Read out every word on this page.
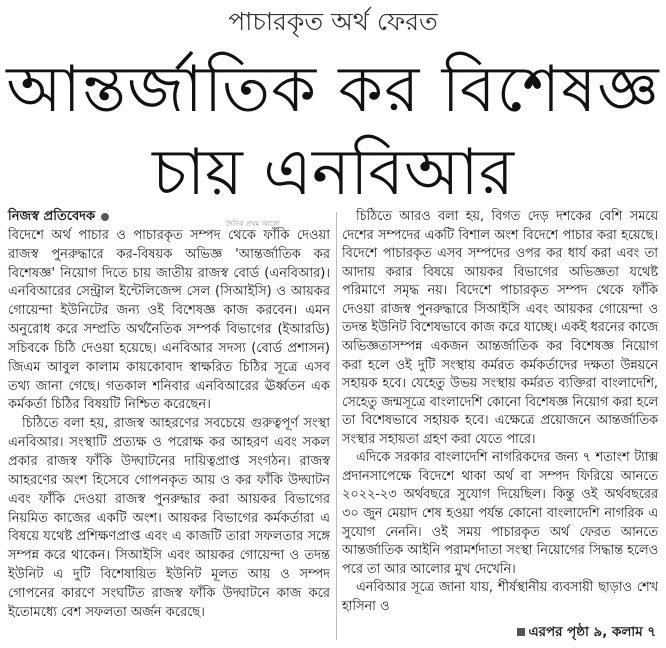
পাচারকৃত অর্থ ফেরত
আন্তর্জাতিক কর বিশেষজ্ঞ
চায় এনবিআর
দৈনিক প্রথম আলো

নিজস্ব প্রতিবেদক

বিদেশে অর্থ পাচার ও পাচারকৃত সম্পদ থেকে ফাঁকি দেওয়া রাজস্ব পুনরুদ্ধারে কর-বিষয়ক অভিজ্ঞ 'আন্তর্জাতিক কর বিশেষজ্ঞ' নিয়োগ দিতে চায় জাতীয় রাজস্ব বোর্ড (এনবিআর)। এনবিআরের সেন্ট্রাল ইন্টেলিজেন্স সেল (সিআইসি) ও আয়কর গোয়েন্দা ইউনিটের জন্য ওই বিশেষজ্ঞ কাজ করবেন। এমন অনুরোধ করে সম্প্রতি অর্থনৈতিক সম্পর্ক বিভাগের (ইআরডি) সচিবকে চিঠি দেওয়া হয়েছে। এনবিআর সদস্য (বোর্ড প্রশাসন) জিএম আবুল কালাম কায়কোবাদ স্বাক্ষরিত চিঠির সূত্রে এসব তথ্য জানা গেছে। গতকাল শনিবার এনবিআরের ঊর্ধ্বতন এক কর্মকর্তা চিঠির বিষয়টি নিশ্চিত করেছেন।

চিঠিতে বলা হয়, রাজস্ব আহরণের সবচেয়ে গুরুত্বপূর্ণ সংস্থা এনবিআর। সংস্থাটি প্রত্যক্ষ ও পরোক্ষ কর আহরণ এবং সকল প্রকার রাজস্ব ফাঁকি উদ্ঘাটনের দায়িত্বপ্রাপ্ত সংগঠন। রাজস্ব আহরণের অংশ হিসেবে গোপনকৃত আয় ও কর ফাঁকি উদ্ঘাটন এবং ফাঁকি দেওয়া রাজস্ব পুনরুদ্ধার করা আয়কর বিভাগের নিয়মিত কাজের একটি অংশ। আয়কর বিভাগের কর্মকর্তারা এ বিষয়ে যথেষ্ট প্রশিক্ষণপ্রাপ্ত এবং এ কাজটি তারা সফলতার সঙ্গে সম্পন্ন করে থাকেন। সিআইসি এবং আয়কর গোয়েন্দা ও তদন্ত ইউনিট এ দুটি বিশেষায়িত ইউনিট মূলত আয় ও সম্পদ গোপনের কারণে সংঘটিত রাজস্ব ফাঁকি উদ্ঘাটনে কাজ করে ইতোমধ্যে বেশ সফলতা অর্জন করেছে।

চিঠিতে আরও বলা হয়, বিগত দেড় দশকের বেশি সময়ে দেশের সম্পদের একটি বিশাল অংশ বিদেশে পাচার করা হয়েছে। বিদেশে পাচারকৃত এসব সম্পদের ওপর কর ধার্য করা এবং তা আদায় করার বিষয়ে আয়কর বিভাগের অভিজ্ঞতা যথেষ্ট পরিমাণে সমৃদ্ধ নয়। বিদেশে পাচারকৃত সম্পদ থেকে ফাঁকি দেওয়া রাজস্ব পুনরুদ্ধারে সিআইসি এবং আয়কর গোয়েন্দা ও তদন্ত ইউনিট বিশেষভাবে কাজ করে যাচ্ছে। একই ধরনের কাজে অভিজ্ঞতাসম্পন্ন একজন আন্তর্জাতিক কর বিশেষজ্ঞ নিয়োগ করা হলে ওই দুটি সংস্থায় কর্মরত কর্মকর্তাদের দক্ষতা উন্নয়নে সহায়ক হবে। যেহেতু উভয় সংস্থায় কর্মরত ব্যক্তিরা বাংলাদেশি, সেহেতু জন্মসূত্রে বাংলাদেশি কোনো বিশেষজ্ঞ নিয়োগ করা হলে তা বিশেষভাবে সহায়ক হবে। এক্ষেত্রে প্রয়োজনে আন্তর্জাতিক সংস্থার সহায়তা গ্রহণ করা যেতে পারে।

এদিকে সরকার বাংলাদেশি নাগরিকদের জন্য ৭ শতাংশ ট্যাক্স প্রদানসাপেক্ষে বিদেশে থাকা অর্থ বা সম্পদ ফিরিয়ে আনতে ২০২২-২৩ অর্থবছরে সুযোগ দিয়েছিল। কিন্তু ওই অর্থবছরের ৩০ জুন মেয়াদ শেষ হওয়া পর্যন্ত কোনো বাংলাদেশি নাগরিক এ সুযোগ নেননি। ওই সময় পাচারকৃত অর্থ ফেরত আনতে আন্তর্জাতিক আইনি পরামর্শদাতা সংস্থা নিয়োগের সিদ্ধান্ত হলেও পরে তা আর আলোর মুখ দেখেনি।

এনবিআর সূত্রে জানা যায়, শীর্ষস্থানীয় ব্যবসায়ী ছাড়াও শেখ হাসিনা ও

এরপর পৃষ্ঠা ৯, কলাম ৭
